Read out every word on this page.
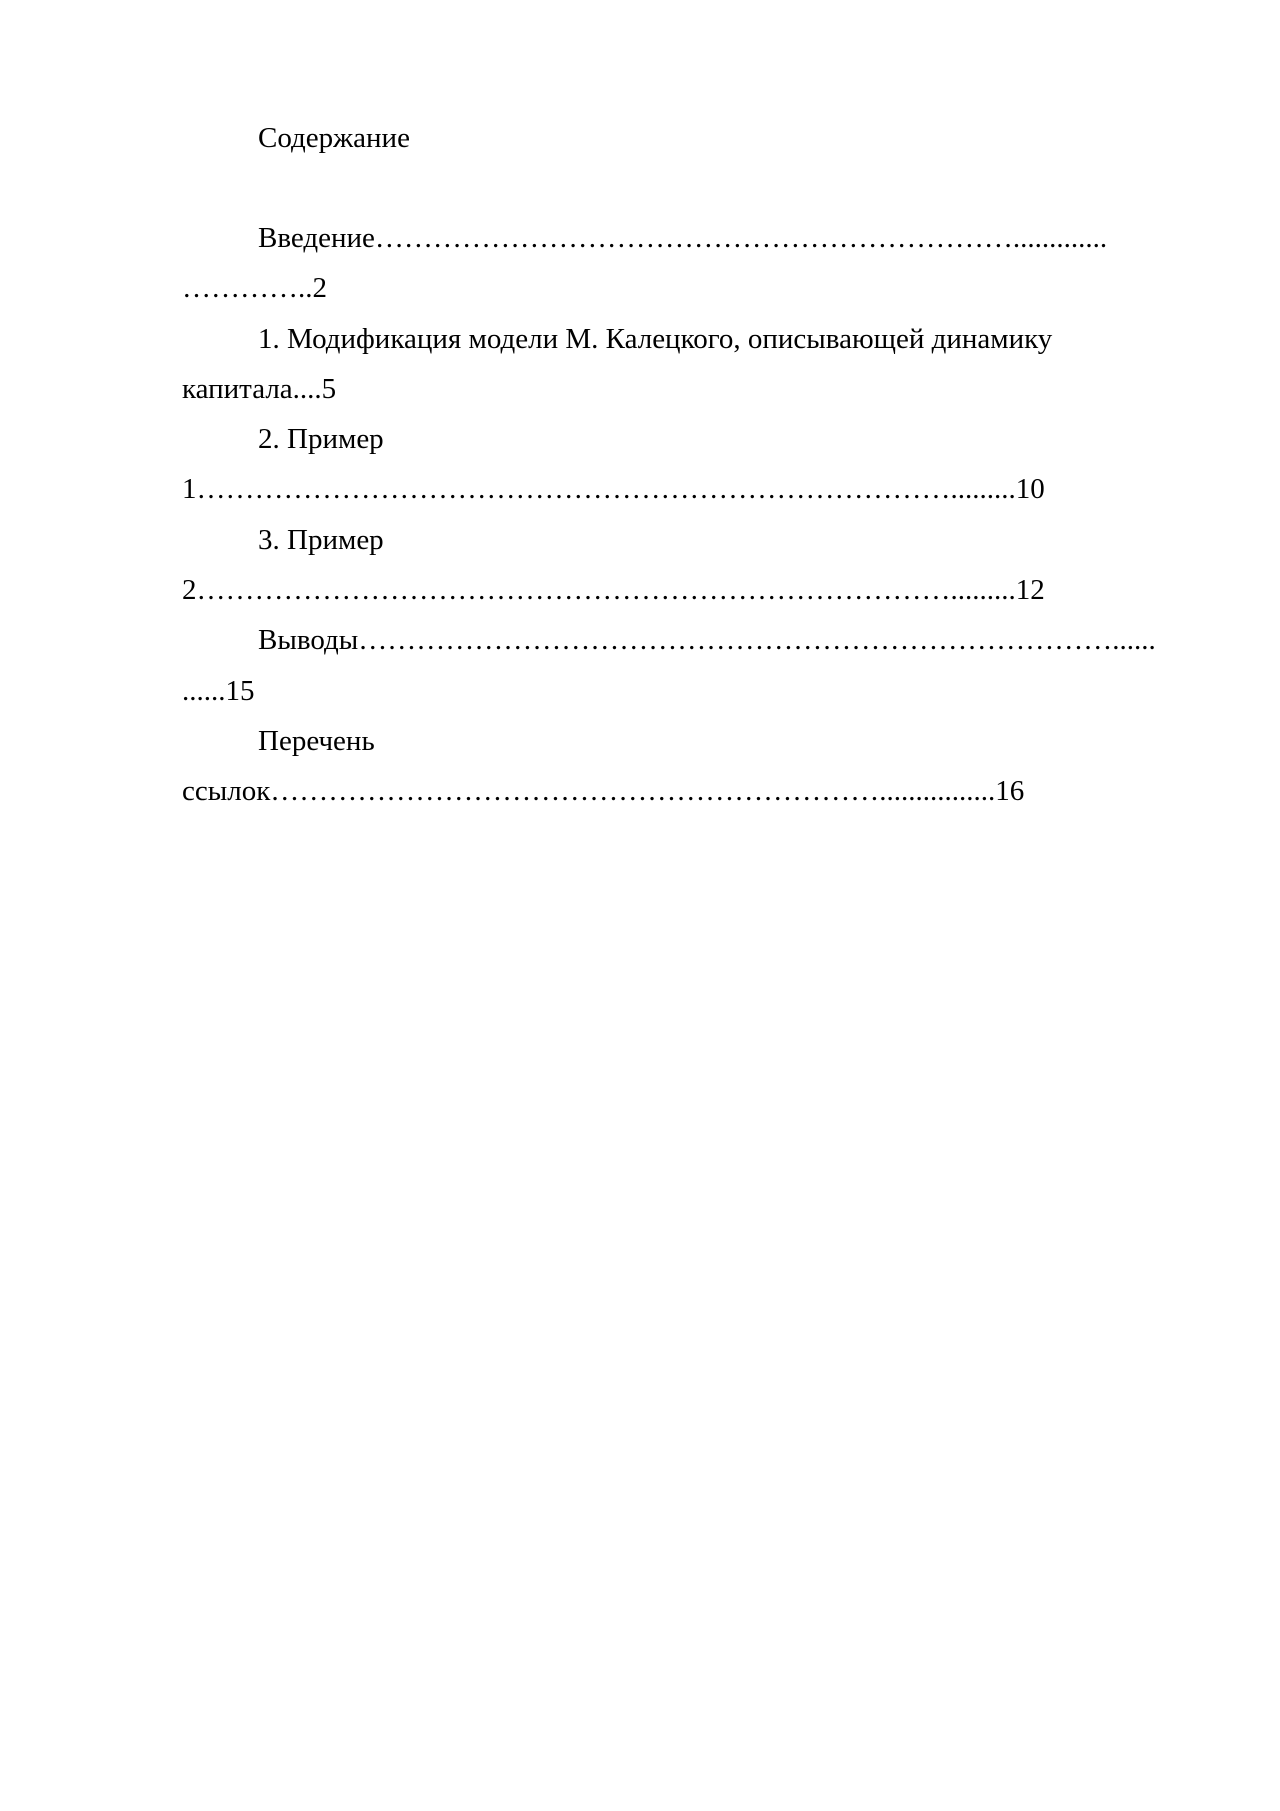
Содержание
Введение………………………………………………………….............
…………..2
1. Модификация модели М. Калецкого, описывающей динамику
капитала....5
2. Пример
1…………………………………………………………………….........10
3. Пример
2…………………………………………………………………….........12
Выводы……………………………………………………………………......
......15
Перечень
ссылок………………………………………………………................16
